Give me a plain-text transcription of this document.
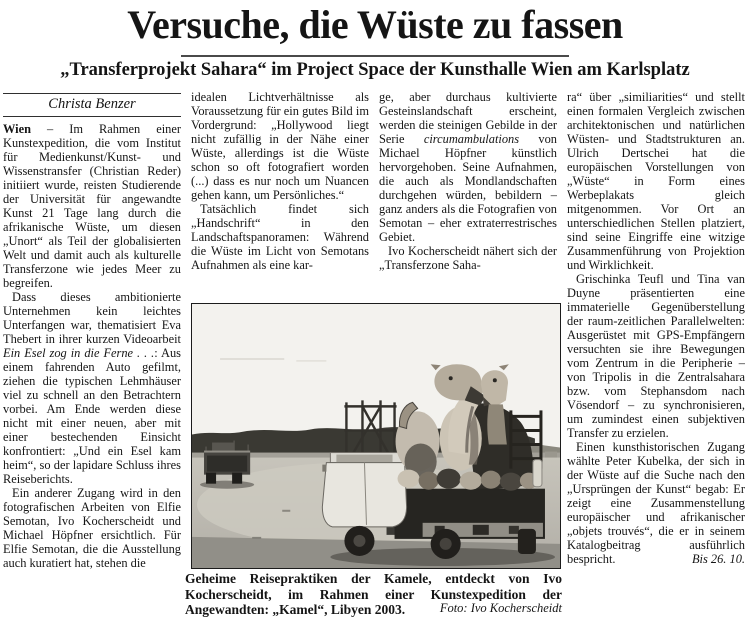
Versuche, die Wüste zu fassen
„Transferprojekt Sahara“ im Project Space der Kunsthalle Wien am Karlsplatz
Christa Benzer

Wien – Im Rahmen einer Kunstexpedition, die vom Institut für Medienkunst/Kunst- und Wissenstransfer (Christian Reder) initiiert wurde, reisten Studierende der Universität für angewandte Kunst 21 Tage lang durch die afrikanische Wüste, um diesen „Unort“ als Teil der globalisierten Welt und damit auch als kulturelle Transferzone wie jedes Meer zu begreifen.

Dass dieses ambitionierte Unternehmen kein leichtes Unterfangen war, thematisiert Eva Thebert in ihrer kurzen Videoarbeit Ein Esel zog in die Ferne . . .: Aus einem fahrenden Auto gefilmt, ziehen die typischen Lehmhäuser viel zu schnell an den Betrachtern vorbei. Am Ende werden diese nicht mit einer neuen, aber mit einer bestechenden Einsicht konfrontiert: „Und ein Esel kam heim“, so der lapidare Schluss ihres Reiseberichts.

Ein anderer Zugang wird in den fotografischen Arbeiten von Elfie Semotan, Ivo Kocherscheidt und Michael Höpfner ersichtlich. Für Elfie Semotan, die die Ausstellung auch kuratiert hat, stehen die

idealen Lichtverhältnisse als Voraussetzung für ein gutes Bild im Vordergrund: „Hollywood liegt nicht zufällig in der Nähe einer Wüste, allerdings ist die Wüste schon so oft fotografiert worden (...) dass es nur noch um Nuancen gehen kann, um Persönliches.“

Tatsächlich findet sich „Handschrift“ in den Landschaftspanoramen: Während die Wüste im Licht von Semotans Aufnahmen als eine kar-

ge, aber durchaus kultivierte Gesteinslandschaft erscheint, werden die steinigen Gebilde in der Serie circumambulations von Michael Höpfner künstlich hervorgehoben. Seine Aufnahmen, die auch als Mondlandschaften durchgehen würden, bebildern – ganz anders als die Fotografien von Semotan – eher extraterrestrisches Gebiet.

Ivo Kocherscheidt nähert sich der „Transferzone Saha-

ra“ über „similiarities“ und stellt einen formalen Vergleich zwischen architektonischen und natürlichen Wüsten- und Stadtstrukturen an. Ulrich Dertschei hat die europäischen Vorstellungen von „Wüste“ in Form eines Werbeplakats gleich mitgenommen. Vor Ort an unterschiedlichen Stellen platziert, sind seine Eingriffe eine witzige Zusammenführung von Projektion und Wirklichkeit.

Grischinka Teufl und Tina van Duyne präsentierten eine immaterielle Gegenüberstellung der raum-zeitlichen Parallelwelten: Ausgerüstet mit GPS-Empfängern versuchten sie ihre Bewegungen vom Zentrum in die Peripherie – von Tripolis in die Zentralsahara bzw. vom Stephansdom nach Vösendorf – zu synchronisieren, um zumindest einen subjektiven Transfer zu erzielen.

Einen kunsthistorischen Zugang wählte Peter Kubelka, der sich in der Wüste auf die Suche nach den „Ursprüngen der Kunst“ begab: Er zeigt eine Zusammenstellung europäischer und afrikanischer „objets trouvés“, die er in seinem Katalogbeitrag ausführlich bespricht.	Bis 26. 10.

Geheime Reisepraktiken der Kamele, entdeckt von Ivo Kocherscheidt, im Rahmen einer Kunstexpedition der Angewandten: „Kamel“, Libyen 2003.	Foto: Ivo Kocherscheidt
